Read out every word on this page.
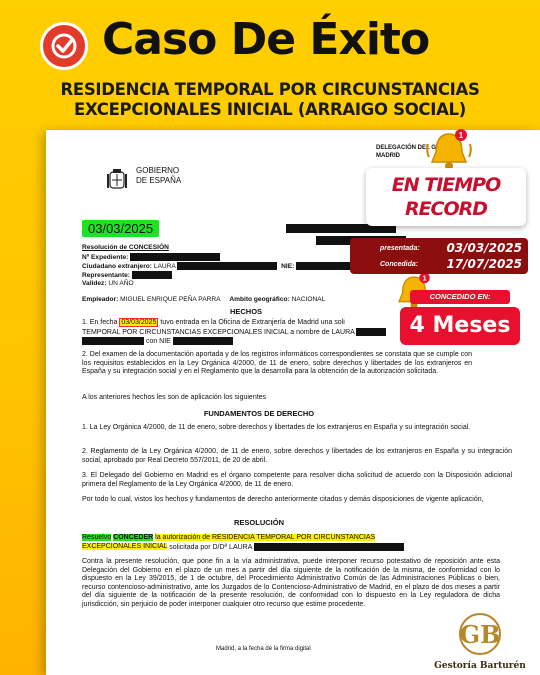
Caso De Éxito
RESIDENCIA TEMPORAL POR CIRCUNSTANCIAS
EXCEPCIONALES INICIAL (ARRAIGO SOCIAL)
GOBIERNO
DE ESPAÑA
DELEGACIÓN DEL G
MADRID
03/03/2025
Resolución de CONCESIÓN
Nº Expediente:
Ciudadano extranjero: LAURA	NIE:
Representante:
Validez: UN AÑO
Empleador: MIGUEL ENRIQUE PEÑA PARRA Ambito geográfico: NACIONAL
HECHOS
1. En fecha 03/03/2025 tuvo entrada en la Oficina de Extranjería de Madrid una soli
TEMPORAL POR CIRCUNSTANCIAS EXCEPCIONALES INICIAL a nombre de LAURA
con NIE
2. Del examen de la documentación aportada y de los registros informáticos correspondientes se constata que se cumple con los requisitos establecidos en la Ley Orgánica 4/2000, de 11 de enero, sobre derechos y libertades de los extranjeros en España y su integración social y en el Reglamento que la desarrolla para la obtención de la autorización solicitada.
A los anteriores hechos les son de aplicación los siguientes
FUNDAMENTOS DE DERECHO
1. La Ley Orgánica 4/2000, de 11 de enero, sobre derechos y libertades de los extranjeros en España y su integración social.
2. Reglamento de la Ley Orgánica 4/2000, de 11 de enero, sobre derechos y libertades de los extranjeros en España y su integración social, aprobado por Real Decreto 557/2011, de 20 de abril.
3. El Delegado del Gobierno en Madrid es el órgano competente para resolver dicha solicitud de acuerdo con la Disposición adicional primera del Reglamento de la Ley Orgánica 4/2000, de 11 de enero.
Por todo lo cual, vistos los hechos y fundamentos de derecho anteriormente citados y demás disposiciones de vigente aplicación,
RESOLUCIÓN
Resuelvo CONCEDER la autorización de RESIDENCIA TEMPORAL POR CIRCUNSTANCIAS
EXCEPCIONALES INICIAL solicitada por D/Dª LAURA
Contra la presente resolución, que pone fin a la vía administrativa, puede interponer recurso potestativo de reposición ante esta Delegación del Gobierno en el plazo de un mes a partir del día siguiente de la notificación de la misma, de conformidad con lo dispuesto en la Ley 39/2015, de 1 de octubre, del Procedimiento Administrativo Común de las Administraciones Públicas o bien, recurso contencioso-administrativo, ante los Juzgados de lo Contencioso-Administrativo de Madrid, en el plazo de dos meses a partir del día siguiente de la notificación de la presente resolución, de conformidad con lo dispuesto en la Ley reguladora de dicha jurisdicción, sin perjuicio de poder interponer cualquier otro recurso que estime procedente.
Madrid, a la fecha de la firma digital
1
1
EN TIEMPO
RECORD
presentada: 03/03/2025
Concedida: 17/07/2025
CONCEDIDO EN:
4 Meses
GB
Gestoría Barturén
